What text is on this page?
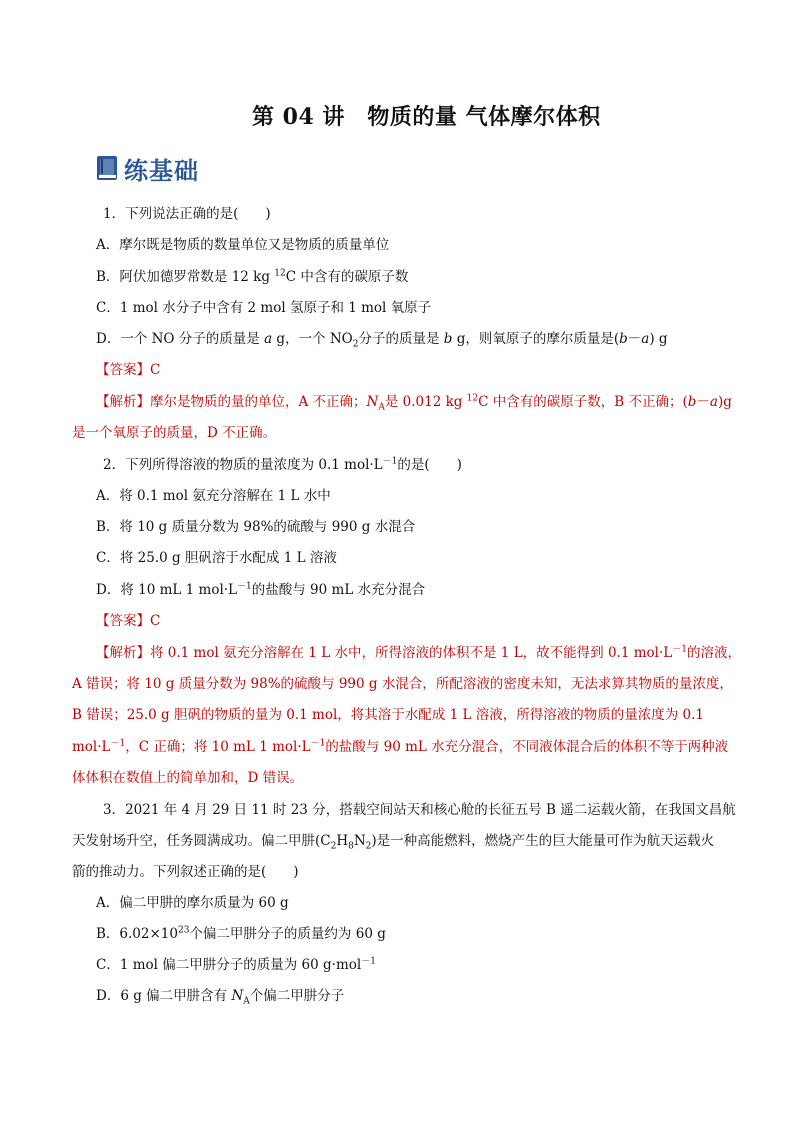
第 04 讲　物质的量 气体摩尔体积
练基础
1．下列说法正确的是(　　)
A．摩尔既是物质的数量单位又是物质的质量单位
B．阿伏加德罗常数是 12 kg $^{12}$C 中含有的碳原子数
C．1 mol 水分子中含有 2 mol 氢原子和 1 mol 氧原子
D．一个 NO 分子的质量是 a g，一个 $NO_2$分子的质量是 b g，则氧原子的摩尔质量是(b－a) g
【答案】C
【解析】摩尔是物质的量的单位，A 不正确；$N_A$是 0.012 kg $^{12}$C 中含有的碳原子数，B 不正确；(b－a)g
是一个氧原子的质量，D 不正确。
2．下列所得溶液的物质的量浓度为 0.1 $mol\cdot L^{-1}$的是(　　)
A．将 0.1 mol 氨充分溶解在 1 L 水中
B．将 10 g 质量分数为 98%的硫酸与 990 g 水混合
C．将 25.0 g 胆矾溶于水配成 1 L 溶液
D．将 10 mL 1 $mol\cdot L^{-1}$的盐酸与 90 mL 水充分混合
【答案】C
【解析】将 0.1 mol 氨充分溶解在 1 L 水中，所得溶液的体积不是 1 L，故不能得到 0.1 $mol\cdot L^{-1}$的溶液，
A 错误；将 10 g 质量分数为 98%的硫酸与 990 g 水混合，所配溶液的密度未知，无法求算其物质的量浓度，
B 错误；25.0 g 胆矾的物质的量为 0.1 mol，将其溶于水配成 1 L 溶液，所得溶液的物质的量浓度为 0.1
$mol\cdot L^{-1}$，C 正确；将 10 mL 1 $mol\cdot L^{-1}$的盐酸与 90 mL 水充分混合，不同液体混合后的体积不等于两种液
体体积在数值上的简单加和，D 错误。
3．2021 年 4 月 29 日 11 时 23 分，搭载空间站天和核心舱的长征五号 B 遥二运载火箭，在我国文昌航
天发射场升空，任务圆满成功。偏二甲肼$(C_2H_8N_2)$是一种高能燃料，燃烧产生的巨大能量可作为航天运载火
箭的推动力。下列叙述正确的是(　　)
A．偏二甲肼的摩尔质量为 60 g
B．$6.02\times 10^{23}$个偏二甲肼分子的质量约为 60 g
C．1 mol 偏二甲肼分子的质量为 60 g·mol$^{-1}$
D．6 g 偏二甲肼含有 $N_A$个偏二甲肼分子
